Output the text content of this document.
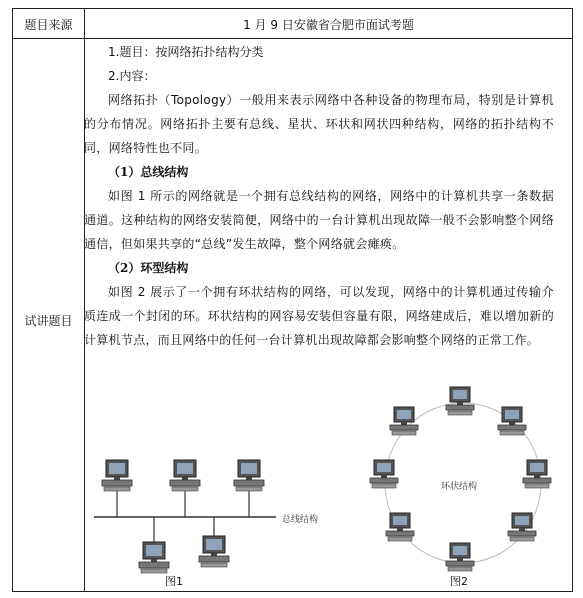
题目来源	1 月 9 日安徽省合肥市面试考题
试讲题目

1.题目：按网络拓扑结构分类

2.内容：

网络拓扑（Topology）一般用来表示网络中各种设备的物理布局，特别是计算机的分布情况。网络拓扑主要有总线、星状、环状和网状四种结构，网络的拓扑结构不同，网络特性也不同。

（1）总线结构

如图 1 所示的网络就是一个拥有总线结构的网络，网络中的计算机共享一条数据通道。这种结构的网络安装简便，网络中的一台计算机出现故障一般不会影响整个网络通信，但如果共享的“总线”发生故障，整个网络就会瘫痪。

（2）环型结构

如图 2 展示了一个拥有环状结构的网络，可以发现，网络中的计算机通过传输介质连成一个封闭的环。环状结构的网容易安装但容量有限，网络建成后，难以增加新的计算机节点，而且网络中的任何一台计算机出现故障都会影响整个网络的正常工作。

总线结构
图1
环状结构
图2
